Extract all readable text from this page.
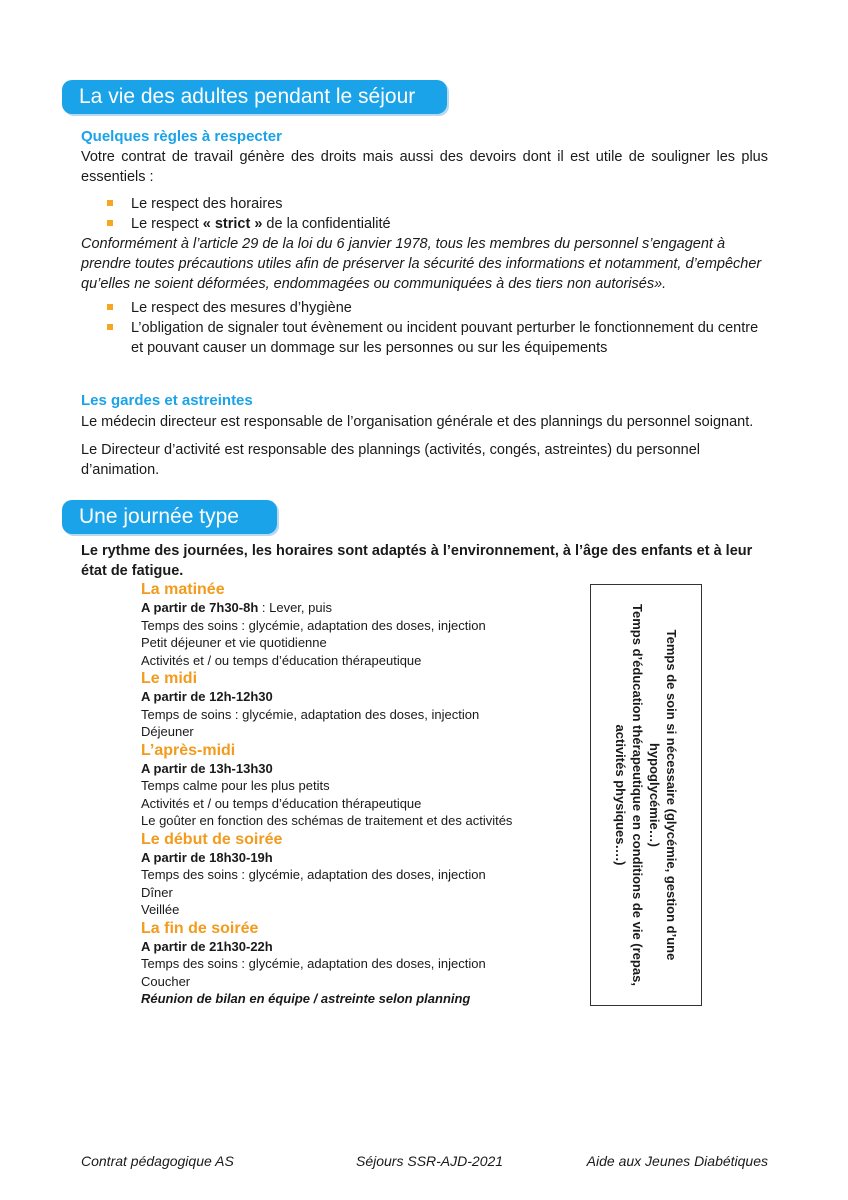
La vie des adultes pendant le séjour
Quelques règles à respecter
Votre contrat de travail génère des droits mais aussi des devoirs dont il est utile de souligner les plus essentiels :
Le respect des horaires
Le respect « strict » de la confidentialité
Conformément à l’article 29 de la loi du 6 janvier 1978, tous les membres du personnel s’engagent à prendre toutes précautions utiles afin de préserver la sécurité des informations et notamment, d’empêcher qu’elles ne soient déformées, endommagées ou communiquées à des tiers non autorisés».
Le respect des mesures d’hygiène
L’obligation de signaler tout évènement ou incident pouvant perturber le fonctionnement du centre et pouvant causer un dommage sur les personnes ou sur les équipements
Les gardes et astreintes
Le médecin directeur est responsable de l’organisation générale et des plannings du personnel soignant.
Le Directeur d’activité est responsable des plannings (activités, congés, astreintes) du personnel d’animation.
Une journée type
Le rythme des journées, les horaires sont adaptés à l’environnement, à l’âge des enfants et à leur état de fatigue.
La matinée
A partir de 7h30-8h : Lever, puis
Temps des soins : glycémie, adaptation des doses, injection
Petit déjeuner et vie quotidienne
Activités et / ou temps d’éducation thérapeutique
Le midi
A partir de 12h-12h30
Temps de soins : glycémie, adaptation des doses, injection
Déjeuner
L’après-midi
A partir de 13h-13h30
Temps calme pour les plus petits
Activités et / ou temps d’éducation thérapeutique
Le goûter en fonction des schémas de traitement et des activités
Le début de soirée
A partir de 18h30-19h
Temps des soins : glycémie, adaptation des doses, injection
Dîner
Veillée
La fin de soirée
A partir de 21h30-22h
Temps des soins : glycémie, adaptation des doses, injection
Coucher
Réunion de bilan en équipe / astreinte selon planning
Temps de soin si nécessaire (glycémie, gestion d’une hypoglycémie…)
Temps d’éducation thérapeutique en conditions de vie (repas, activités physiques….)
Contrat pédagogique AS	Séjours SSR-AJD-2021	Aide aux Jeunes Diabétiques
